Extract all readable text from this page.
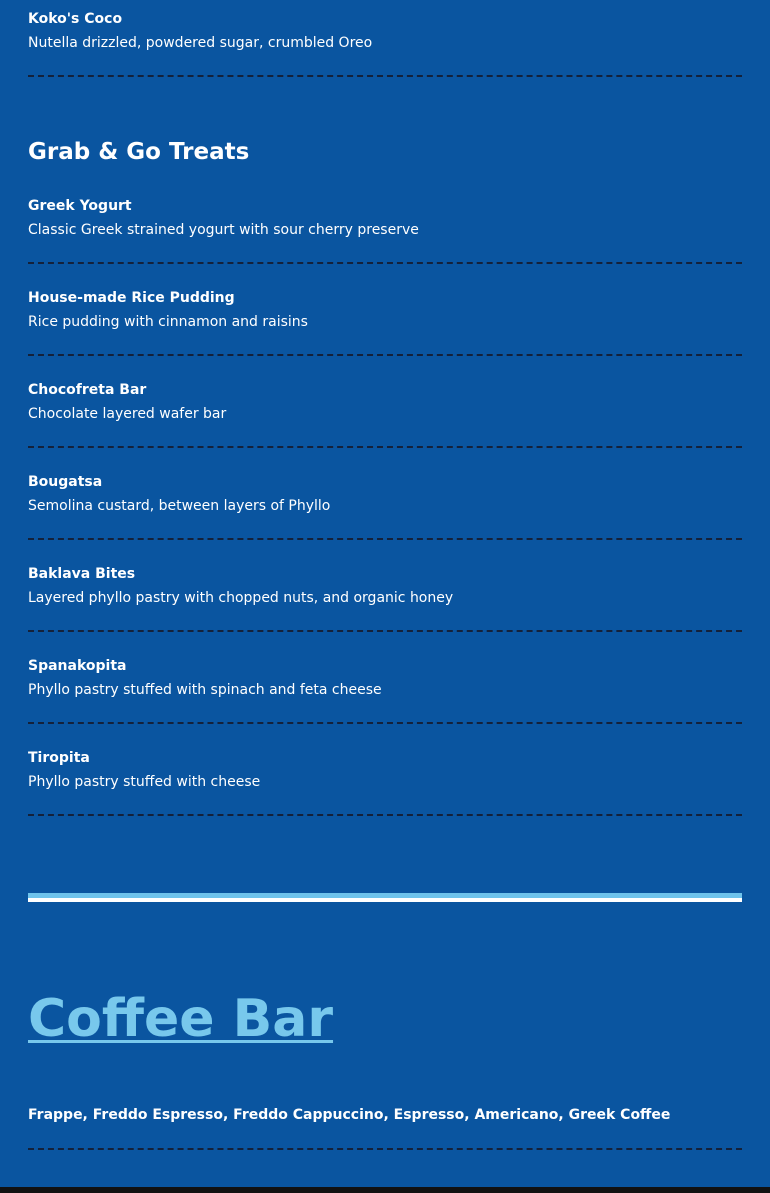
Koko's Coco
Nutella drizzled, powdered sugar, crumbled Oreo
Grab & Go Treats
Greek Yogurt
Classic Greek strained yogurt with sour cherry preserve
House-made Rice Pudding
Rice pudding with cinnamon and raisins
Chocofreta Bar
Chocolate layered wafer bar
Bougatsa
Semolina custard, between layers of Phyllo
Baklava Bites
Layered phyllo pastry with chopped nuts, and organic honey
Spanakopita
Phyllo pastry stuffed with spinach and feta cheese
Tiropita
Phyllo pastry stuffed with cheese
Coffee Bar
Frappe, Freddo Espresso, Freddo Cappuccino, Espresso, Americano, Greek Coffee
